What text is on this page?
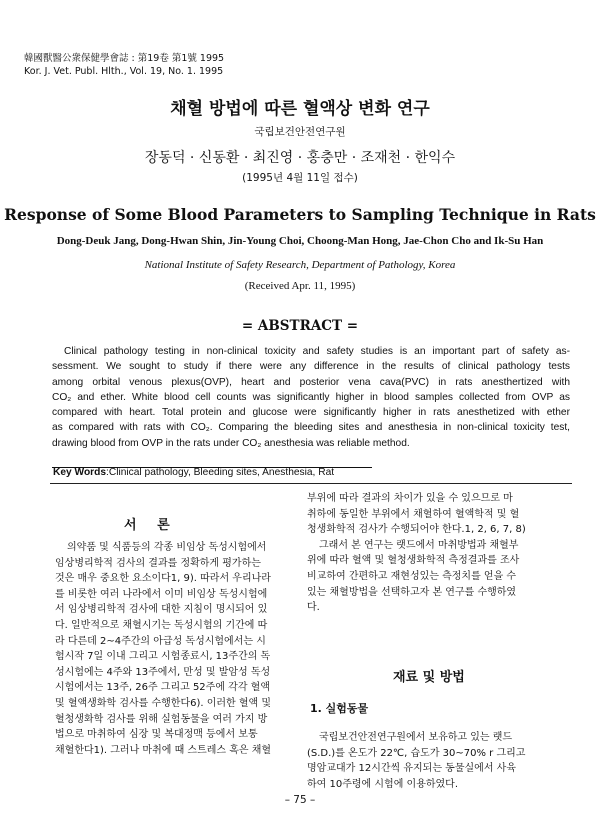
韓國獸醫公衆保健學會誌 : 第19卷 第1號 1995
Kor. J. Vet. Publ. Hlth., Vol. 19, No. 1. 1995
채혈 방법에 따른 혈액상 변화 연구
국립보건안전연구원
장동덕 · 신동환 · 최진영 · 홍충만 · 조재천 · 한익수
(1995년 4월 11일 접수)
Response of Some Blood Parameters to Sampling Technique in Rats
Dong-Deuk Jang, Dong-Hwan Shin, Jin-Young Choi, Choong-Man Hong, Jae-Chon Cho and Ik-Su Han
National Institute of Safety Research, Department of Pathology, Korea
(Received Apr. 11, 1995)
= ABSTRACT =
Clinical pathology testing in non-clinical toxicity and safety studies is an important part of safety as-
sessment. We sought to study if there were any difference in the results of clinical pathology tests
among orbital venous plexus(OVP), heart and posterior vena cava(PVC) in rats anesthertized with
CO₂ and ether. White blood cell counts was significantly higher in blood samples collected from OVP as
compared with heart. Total protein and glucose were significantly higher in rats anesthetized with ether
as compared with rats with CO₂. Comparing the bleeding sites and anesthesia in non-clinical toxicity test,
drawing blood from OVP in the rats under CO₂ anesthesia was reliable method.
Key Words:Clinical pathology, Bleeding sites, Anesthesia, Rat
서 론
의약품 및 식품등의 각종 비임상 독성시험에서
임상병리학적 검사의 결과를 정확하게 평가하는
것은 매우 중요한 요소이다1, 9). 따라서 우리나라
를 비롯한 여러 나라에서 이미 비임상 독성시험에
서 임상병리학적 검사에 대한 지침이 명시되어 있
다. 일반적으로 채혈시기는 독성시험의 기간에 따
라 다른데 2~4주간의 아급성 독성시험에서는 시
험시작 7일 이내 그리고 시험종료시, 13주간의 독
성시험에는 4주와 13주에서, 만성 및 발암성 독성
시험에서는 13주, 26주 그리고 52주에 각각 혈액
및 혈액생화학 검사를 수행한다6). 이러한 혈액 및
혈청생화학 검사를 위해 실험동물을 여러 가지 방
법으로 마취하여 심장 및 복대정맥 등에서 보통
채혈한다1). 그러나 마취에 때 스트레스 혹은 채혈
부위에 따라 결과의 차이가 있을 수 있으므로 마
취하에 동일한 부위에서 채혈하여 혈액학적 및 혈
청생화학적 검사가 수행되어야 한다.1, 2, 6, 7, 8)
그래서 본 연구는 랫드에서 마취방법과 채혈부
위에 따라 혈액 및 혈청생화학적 측정결과를 조사
비교하여 간편하고 재현성있는 측정치를 얻을 수
있는 채혈방법을 선택하고자 본 연구를 수행하였
다.
재료 및 방법
1. 실험동물
국립보건안전연구원에서 보유하고 있는 랫드
(S.D.)를 온도가 22℃, 습도가 30~70% r 그리고
명암교대가 12시간씩 유지되는 동물실에서 사육
하여 10주령에 시험에 이용하였다.
– 75 –
